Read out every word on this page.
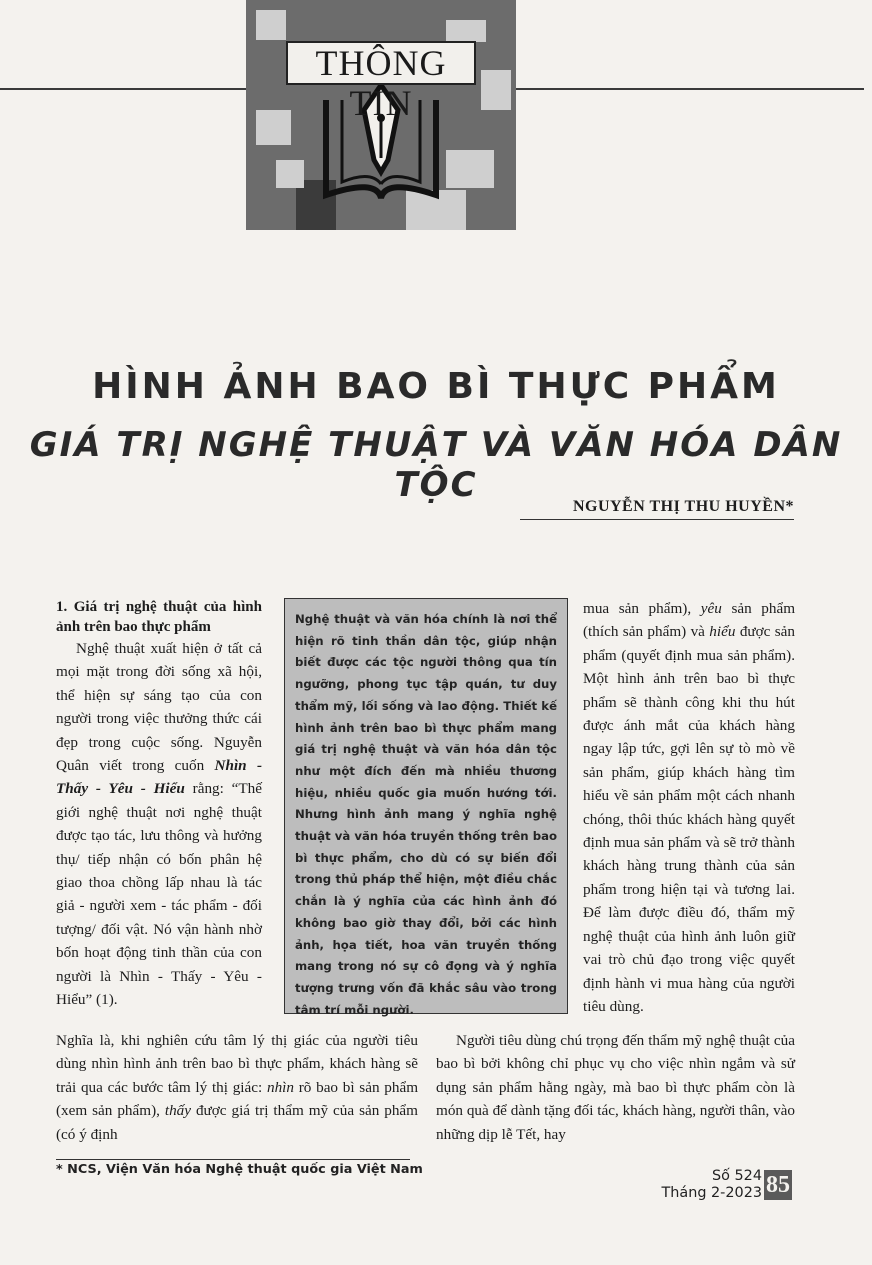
THÔNG TIN
HÌNH ẢNH BAO BÌ THỰC PHẨM
GIÁ TRỊ NGHỆ THUẬT VÀ VĂN HÓA DÂN TỘC
NGUYỄN THỊ THU HUYỀN*

1. Giá trị nghệ thuật của hình ảnh trên bao thực phẩm

Nghệ thuật xuất hiện ở tất cả mọi mặt trong đời sống xã hội, thể hiện sự sáng tạo của con người trong việc thưởng thức cái đẹp trong cuộc sống. Nguyễn Quân viết trong cuốn Nhìn - Thấy - Yêu - Hiểu rằng: “Thế giới nghệ thuật nơi nghệ thuật được tạo tác, lưu thông và hưởng thụ/ tiếp nhận có bốn phân hệ giao thoa chồng lấp nhau là tác giả - người xem - tác phẩm - đối tượng/ đối vật. Nó vận hành nhờ bốn hoạt động tinh thần của con người là Nhìn - Thấy - Yêu - Hiểu” (1).

Nghĩa là, khi nghiên cứu tâm lý thị giác của người tiêu dùng nhìn hình ảnh trên bao bì thực phẩm, khách hàng sẽ trải qua các bước tâm lý thị giác: nhìn rõ bao bì sản phẩm (xem sản phẩm), thấy được giá trị thẩm mỹ của sản phẩm (có ý định

Nghệ thuật và văn hóa chính là nơi thể hiện rõ tinh thần dân tộc, giúp nhận biết được các tộc người thông qua tín ngưỡng, phong tục tập quán, tư duy thẩm mỹ, lối sống và lao động. Thiết kế hình ảnh trên bao bì thực phẩm mang giá trị nghệ thuật và văn hóa dân tộc như một đích đến mà nhiều thương hiệu, nhiều quốc gia muốn hướng tới. Nhưng hình ảnh mang ý nghĩa nghệ thuật và văn hóa truyền thống trên bao bì thực phẩm, cho dù có sự biến đổi trong thủ pháp thể hiện, một điều chắc chắn là ý nghĩa của các hình ảnh đó không bao giờ thay đổi, bởi các hình ảnh, họa tiết, hoa văn truyền thống mang trong nó sự cô đọng và ý nghĩa tượng trưng vốn đã khắc sâu vào trong tâm trí mỗi người.

mua sản phẩm), yêu sản phẩm (thích sản phẩm) và hiểu được sản phẩm (quyết định mua sản phẩm). Một hình ảnh trên bao bì thực phẩm sẽ thành công khi thu hút được ánh mắt của khách hàng ngay lập tức, gợi lên sự tò mò về sản phẩm, giúp khách hàng tìm hiểu về sản phẩm một cách nhanh chóng, thôi thúc khách hàng quyết định mua sản phẩm và sẽ trở thành khách hàng trung thành của sản phẩm trong hiện tại và tương lai. Để làm được điều đó, thẩm mỹ nghệ thuật của hình ảnh luôn giữ vai trò chủ đạo trong việc quyết định hành vi mua hàng của người tiêu dùng.

Người tiêu dùng chú trọng đến thẩm mỹ nghệ thuật của bao bì bởi không chỉ phục vụ cho việc nhìn ngắm và sử dụng sản phẩm hằng ngày, mà bao bì thực phẩm còn là món quà để dành tặng đối tác, khách hàng, người thân, vào những dịp lễ Tết, hay
* NCS, Viện Văn hóa Nghệ thuật quốc gia Việt Nam	Số 524
Tháng 2-2023 85
